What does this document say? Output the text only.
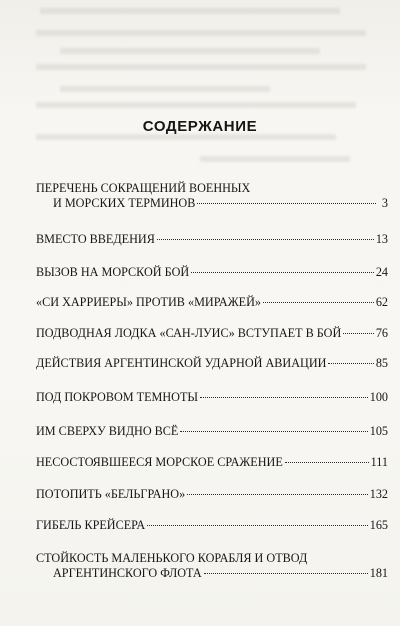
СОДЕРЖАНИЕ
ПЕРЕЧЕНЬ СОКРАЩЕНИЙ ВОЕННЫХ
И МОРСКИХ ТЕРМИНОВ	3
ВМЕСТО ВВЕДЕНИЯ	13
ВЫЗОВ НА МОРСКОЙ БОЙ	24
«СИ ХАРРИЕРЫ» ПРОТИВ «МИРАЖЕЙ»	62
ПОДВОДНАЯ ЛОДКА «САН-ЛУИС» ВСТУПАЕТ В БОЙ	76
ДЕЙСТВИЯ АРГЕНТИНСКОЙ УДАРНОЙ АВИАЦИИ	85
ПОД ПОКРОВОМ ТЕМНОТЫ	100
ИМ СВЕРХУ ВИДНО ВСЁ	105
НЕСОСТОЯВШЕЕСЯ МОРСКОЕ СРАЖЕНИЕ	111
ПОТОПИТЬ «БЕЛЬГРАНО»	132
ГИБЕЛЬ КРЕЙСЕРА	165
СТОЙКОСТЬ МАЛЕНЬКОГО КОРАБЛЯ И ОТВОД
АРГЕНТИНСКОГО ФЛОТА	181
